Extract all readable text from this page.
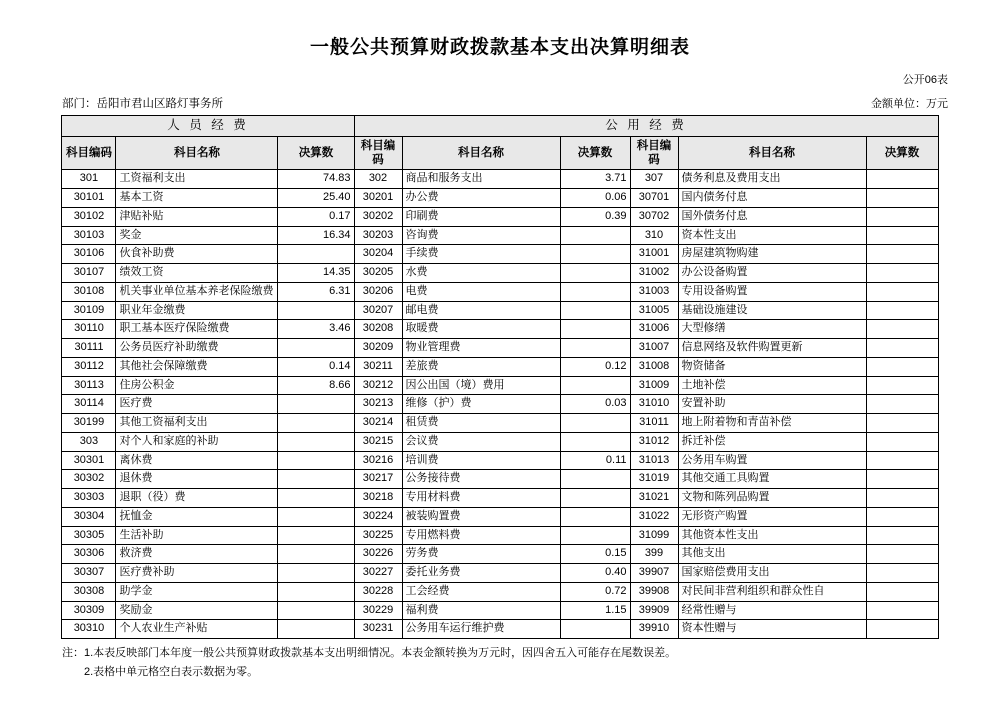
一般公共预算财政拨款基本支出决算明细表
公开06表
部门：岳阳市君山区路灯事务所	金额单位：万元
人 员 经 费			公 用 经 费					
科目编码	科目名称	决算数	科目编码	科目名称	决算数	科目编码	科目名称	决算数
301	工资福利支出	74.83	302	商品和服务支出	3.71	307	债务利息及费用支出	
30101	基本工资	25.40	30201	办公费	0.06	30701	国内债务付息	
30102	津贴补贴	0.17	30202	印刷费	0.39	30702	国外债务付息	
30103	奖金	16.34	30203	咨询费		310	资本性支出	
30106	伙食补助费		30204	手续费		31001	房屋建筑物购建	
30107	绩效工资	14.35	30205	水费		31002	办公设备购置	
30108	机关事业单位基本养老保险缴费	6.31	30206	电费		31003	专用设备购置	
30109	职业年金缴费		30207	邮电费		31005	基础设施建设	
30110	职工基本医疗保险缴费	3.46	30208	取暖费		31006	大型修缮	
30111	公务员医疗补助缴费		30209	物业管理费		31007	信息网络及软件购置更新	
30112	其他社会保障缴费	0.14	30211	差旅费	0.12	31008	物资储备	
30113	住房公积金	8.66	30212	因公出国（境）费用		31009	土地补偿	
30114	医疗费		30213	维修（护）费	0.03	31010	安置补助	
30199	其他工资福利支出		30214	租赁费		31011	地上附着物和青苗补偿	
303	对个人和家庭的补助		30215	会议费		31012	拆迁补偿	
30301	离休费		30216	培训费	0.11	31013	公务用车购置	
30302	退休费		30217	公务接待费		31019	其他交通工具购置	
30303	退职（役）费		30218	专用材料费		31021	文物和陈列品购置	
30304	抚恤金		30224	被装购置费		31022	无形资产购置	
30305	生活补助		30225	专用燃料费		31099	其他资本性支出	
30306	救济费		30226	劳务费	0.15	399	其他支出	
30307	医疗费补助		30227	委托业务费	0.40	39907	国家赔偿费用支出	
30308	助学金		30228	工会经费	0.72	39908	对民间非营利组织和群众性自	
30309	奖励金		30229	福利费	1.15	39909	经常性赠与	
30310	个人农业生产补贴		30231	公务用车运行维护费		39910	资本性赠与	
注：1.本表反映部门本年度一般公共预算财政拨款基本支出明细情况。本表金额转换为万元时，因四舍五入可能存在尾数误差。
2.表格中单元格空白表示数据为零。
